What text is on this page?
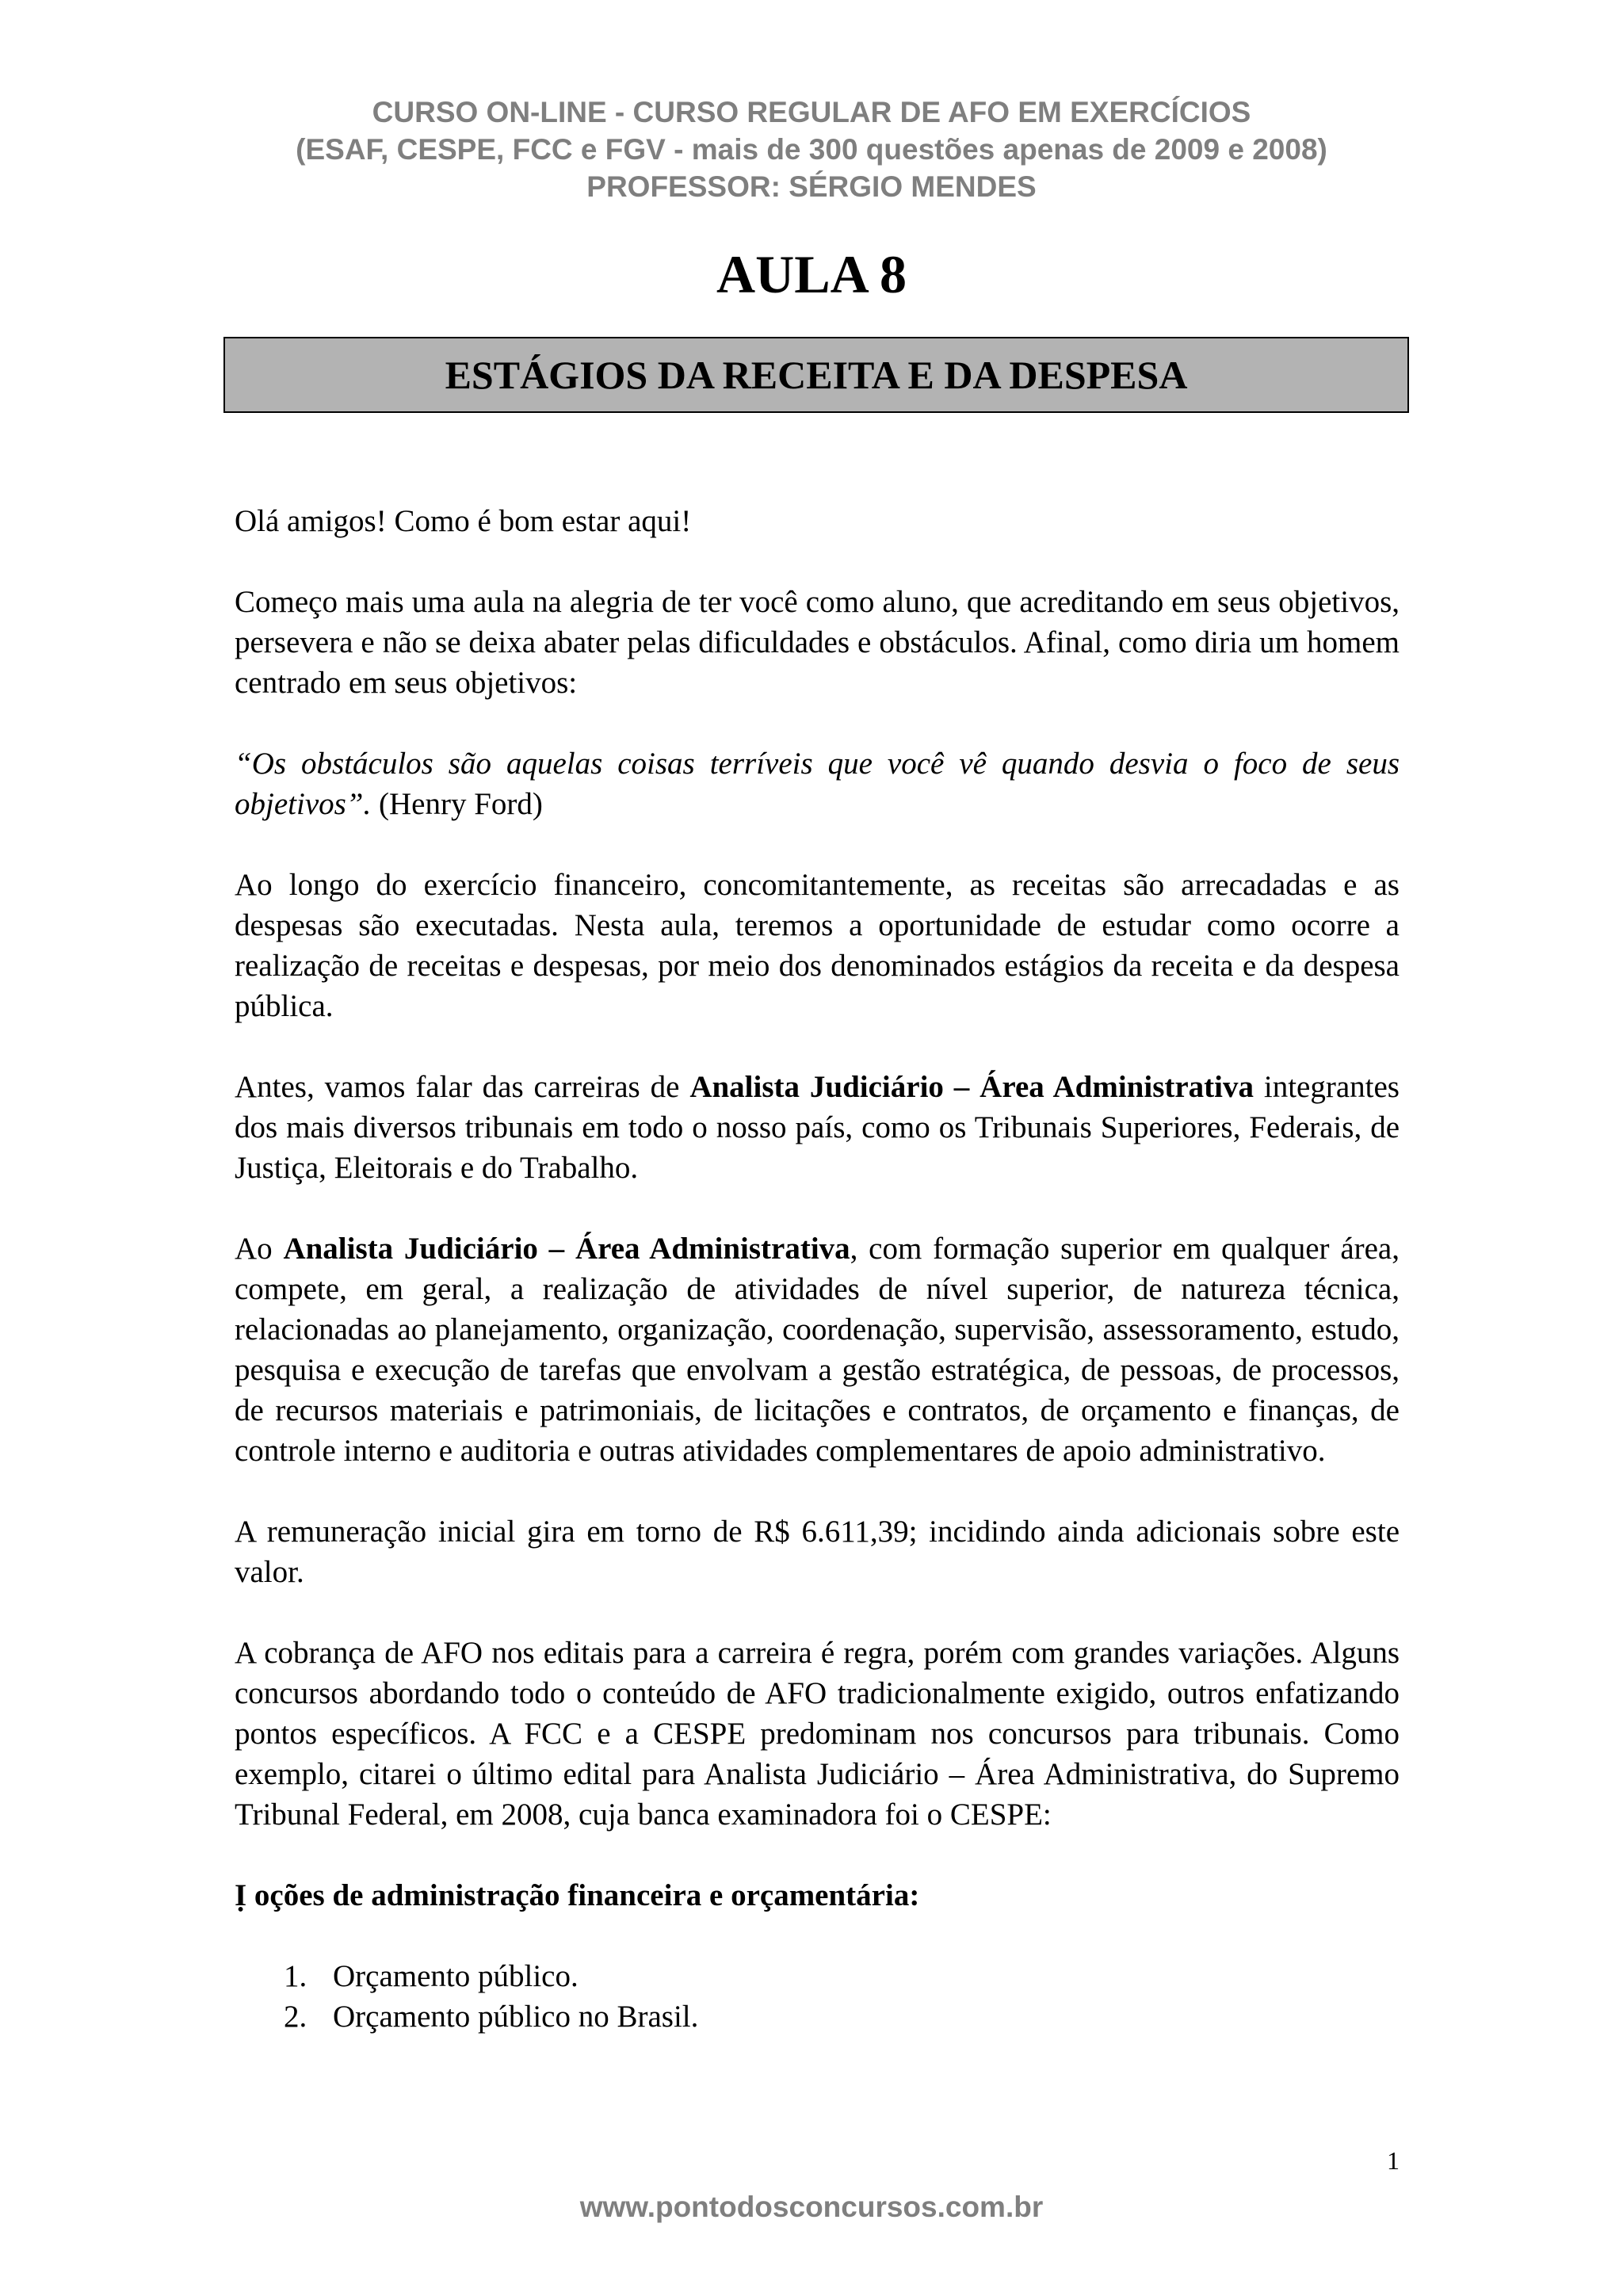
CURSO ON-LINE - CURSO REGULAR DE AFO EM EXERCÍCIOS
(ESAF, CESPE, FCC e FGV - mais de 300 questões apenas de 2009 e 2008)
PROFESSOR: SÉRGIO MENDES
AULA 8
ESTÁGIOS DA RECEITA E DA DESPESA

Olá amigos! Como é bom estar aqui!

Começo mais uma aula na alegria de ter você como aluno, que acreditando em seus objetivos, persevera e não se deixa abater pelas dificuldades e obstáculos. Afinal, como diria um homem centrado em seus objetivos:

“Os obstáculos são aquelas coisas terríveis que você vê quando desvia o foco de seus objetivos”. (Henry Ford)

Ao longo do exercício financeiro, concomitantemente, as receitas são arrecadadas e as despesas são executadas. Nesta aula, teremos a oportunidade de estudar como ocorre a realização de receitas e despesas, por meio dos denominados estágios da receita e da despesa pública.

Antes, vamos falar das carreiras de Analista Judiciário – Área Administrativa integrantes dos mais diversos tribunais em todo o nosso país, como os Tribunais Superiores, Federais, de Justiça, Eleitorais e do Trabalho.

Ao Analista Judiciário – Área Administrativa, com formação superior em qualquer área, compete, em geral, a realização de atividades de nível superior, de natureza técnica, relacionadas ao planejamento, organização, coordenação, supervisão, assessoramento, estudo, pesquisa e execução de tarefas que envolvam a gestão estratégica, de pessoas, de processos, de recursos materiais e patrimoniais, de licitações e contratos, de orçamento e finanças, de controle interno e auditoria e outras atividades complementares de apoio administrativo.

A remuneração inicial gira em torno de R$ 6.611,39; incidindo ainda adicionais sobre este valor.

A cobrança de AFO nos editais para a carreira é regra, porém com grandes variações. Alguns concursos abordando todo o conteúdo de AFO tradicionalmente exigido, outros enfatizando pontos específicos. A FCC e a CESPE predominam nos concursos para tribunais. Como exemplo, citarei o último edital para Analista Judiciário – Área Administrativa, do Supremo Tribunal Federal, em 2008, cuja banca examinadora foi o CESPE:

Ị oções de administração financeira e orçamentária:

1. Orçamento público.
2. Orçamento público no Brasil.
1
www.pontodosconcursos.com.br
